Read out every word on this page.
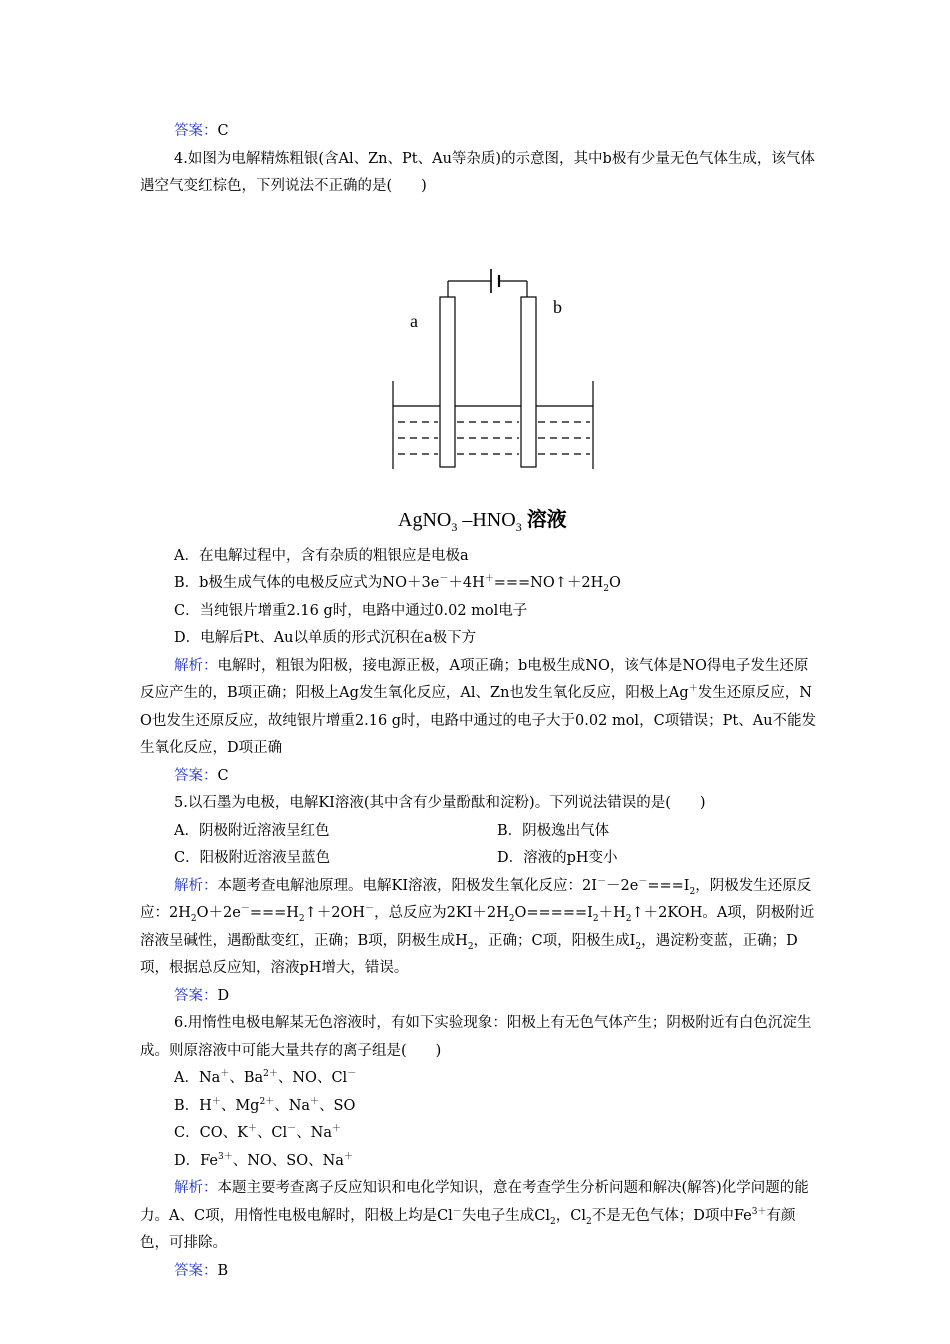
答案：C

4.如图为电解精炼粗银(含Al、Zn、Pt、Au等杂质)的示意图，其中b极有少量无色气体生成，该气体遇空气变红棕色，下列说法不正确的是(　　)

a
b
AgNO$_3$ $-HNO_3$ 溶液

A．在电解过程中，含有杂质的粗银应是电极a

B．b极生成气体的电极反应式为$NO+3e^-+4H^+===NO↑+2H_2O$

C．当纯银片增重2.16 g时，电路中通过0.02 mol电子

D．电解后Pt、Au以单质的形式沉积在a极下方

解析：电解时，粗银为阳极，接电源正极，A项正确；b电极生成NO，该气体是NO得电子发生还原反应产生的，B项正确；阳极上Ag发生氧化反应，Al、Zn也发生氧化反应，阳极上Ag＋发生还原反应，NO也发生还原反应，故纯银片增重2.16 g时，电路中通过的电子大于0.02 mol，C项错误；Pt、Au不能发生氧化反应，D项正确

答案：C

5.以石墨为电极，电解KI溶液(其中含有少量酚酞和淀粉)。下列说法错误的是(　　)

A．阴极附近溶液呈红色	B．阴极逸出气体
C．阳极附近溶液呈蓝色	D．溶液的pH变小

解析：本题考查电解池原理。电解KI溶液，阳极发生氧化反应：$2I^--2e^-===I_2$，阴极发生还原反应：$2H_2O+2e^-===H_2↑+2OH^-$，总反应为$2KI+2H_2O=====I_2+H_2↑+2KOH$。A项，阴极附近溶液呈碱性，遇酚酞变红，正确；B项，阴极生成$H_2$，正确；C项，阳极生成$I_2$，遇淀粉变蓝，正确；D项，根据总反应知，溶液pH增大，错误。

答案：D

6.用惰性电极电解某无色溶液时，有如下实验现象：阳极上有无色气体产生；阴极附近有白色沉淀生成。则原溶液中可能大量共存的离子组是(　　)

A．Na＋、$Ba^{2+}$、NO、Cl－

B．H＋、$Mg^{2+}$、Na＋、SO

C．CO、K＋、Cl－、Na＋

D．$Fe^{3+}$、NO、SO、Na＋

解析：本题主要考查离子反应知识和电化学知识，意在考查学生分析问题和解决(解答)化学问题的能力。A、C项，用惰性电极电解时，阳极上均是Cl－失电子生成$Cl_2$，$Cl_2$不是无色气体；D项中$Fe^{3+}$有颜色，可排除。

答案：B
